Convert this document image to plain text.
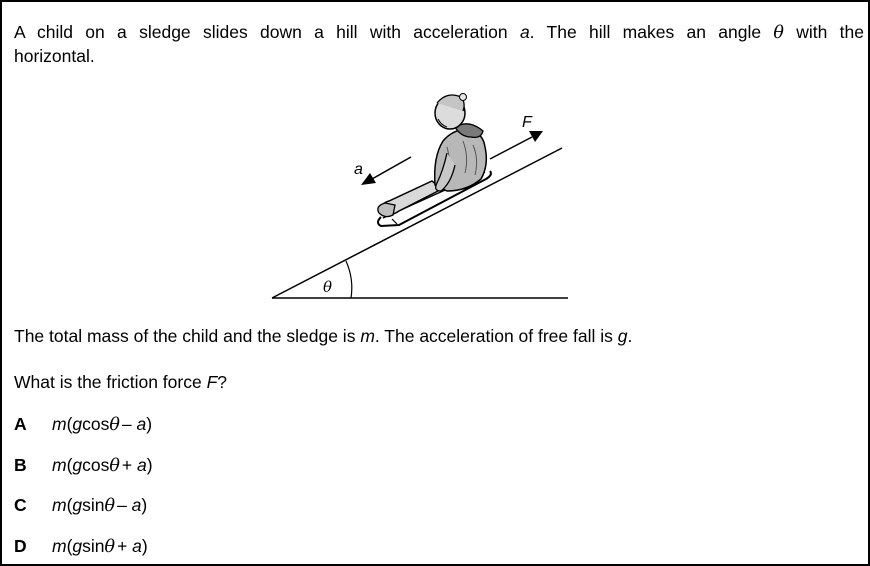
A child on a sledge slides down a hill with acceleration a. The hill makes an angle θ with the
horizontal.
θ
a
F
The total mass of the child and the sledge is m. The acceleration of free fall is g.
What is the friction force F?
A m(gcosθ – a)
B m(gcosθ + a)
C m(gsinθ – a)
D m(gsinθ + a)
